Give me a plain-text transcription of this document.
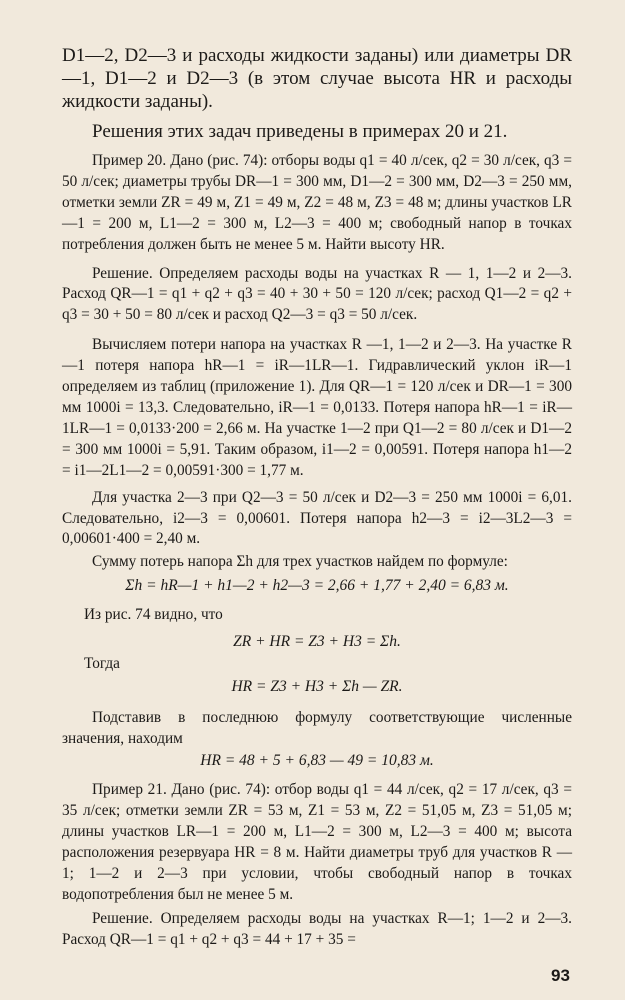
D1—2, D2—3 и расходы жидкости заданы) или диаметры DR—1, D1—2 и D2—3 (в этом случае высота HR и расходы жидкости заданы).

Решения этих задач приведены в примерах 20 и 21.

Пример 20. Дано (рис. 74): отборы воды q1 = 40 л/сек, q2 = 30 л/сек, q3 = 50 л/сек; диаметры трубы DR—1 = 300 мм, D1—2 = 300 мм, D2—3 = 250 мм, отметки земли ZR = 49 м, Z1 = 49 м, Z2 = 48 м, Z3 = 48 м; длины участков LR—1 = 200 м, L1—2 = 300 м, L2—3 = 400 м; свободный напор в точках потребления должен быть не менее 5 м. Найти высоту HR.

Решение. Определяем расходы воды на участках R — 1, 1—2 и 2—3. Расход QR—1 = q1 + q2 + q3 = 40 + 30 + 50 = 120 л/сек; расход Q1—2 = q2 + q3 = 30 + 50 = 80 л/сек и расход Q2—3 = q3 = 50 л/сек.

Вычисляем потери напора на участках R —1, 1—2 и 2—3. На участке R—1 потеря напора hR—1 = iR—1LR—1. Гидравлический уклон iR—1 определяем из таблиц (приложение 1). Для QR—1 = 120 л/сек и DR—1 = 300 мм 1000i = 13,3. Следовательно, iR—1 = 0,0133. Потеря напора hR—1 = iR—1LR—1 = 0,0133·200 = 2,66 м. На участке 1—2 при Q1—2 = 80 л/сек и D1—2 = 300 мм 1000i = 5,91. Таким образом, i1—2 = 0,00591. Потеря напора h1—2 = i1—2L1—2 = 0,00591·300 = 1,77 м.

Для участка 2—3 при Q2—3 = 50 л/сек и D2—3 = 250 мм 1000i = 6,01. Следовательно, i2—3 = 0,00601. Потеря напора h2—3 = i2—3L2—3 = 0,00601·400 = 2,40 м.

Сумму потерь напора Σh для трех участков найдем по формуле:

Σh = hR—1 + h1—2 + h2—3 = 2,66 + 1,77 + 2,40 = 6,83 м.

Из рис. 74 видно, что

ZR + HR = Z3 + H3 = Σh.

Тогда

HR = Z3 + H3 + Σh — ZR.

Подставив в последнюю формулу соответствующие численные значения, находим

HR = 48 + 5 + 6,83 — 49 = 10,83 м.

Пример 21. Дано (рис. 74): отбор воды q1 = 44 л/сек, q2 = 17 л/сек, q3 = 35 л/сек; отметки земли ZR = 53 м, Z1 = 53 м, Z2 = 51,05 м, Z3 = 51,05 м; длины участков LR—1 = 200 м, L1—2 = 300 м, L2—3 = 400 м; высота расположения резервуара HR = 8 м. Найти диаметры труб для участков R — 1; 1—2 и 2—3 при условии, чтобы свободный напор в точках водопотребления был не менее 5 м.

Решение. Определяем расходы воды на участках R—1; 1—2 и 2—3. Расход QR—1 = q1 + q2 + q3 = 44 + 17 + 35 =

93
